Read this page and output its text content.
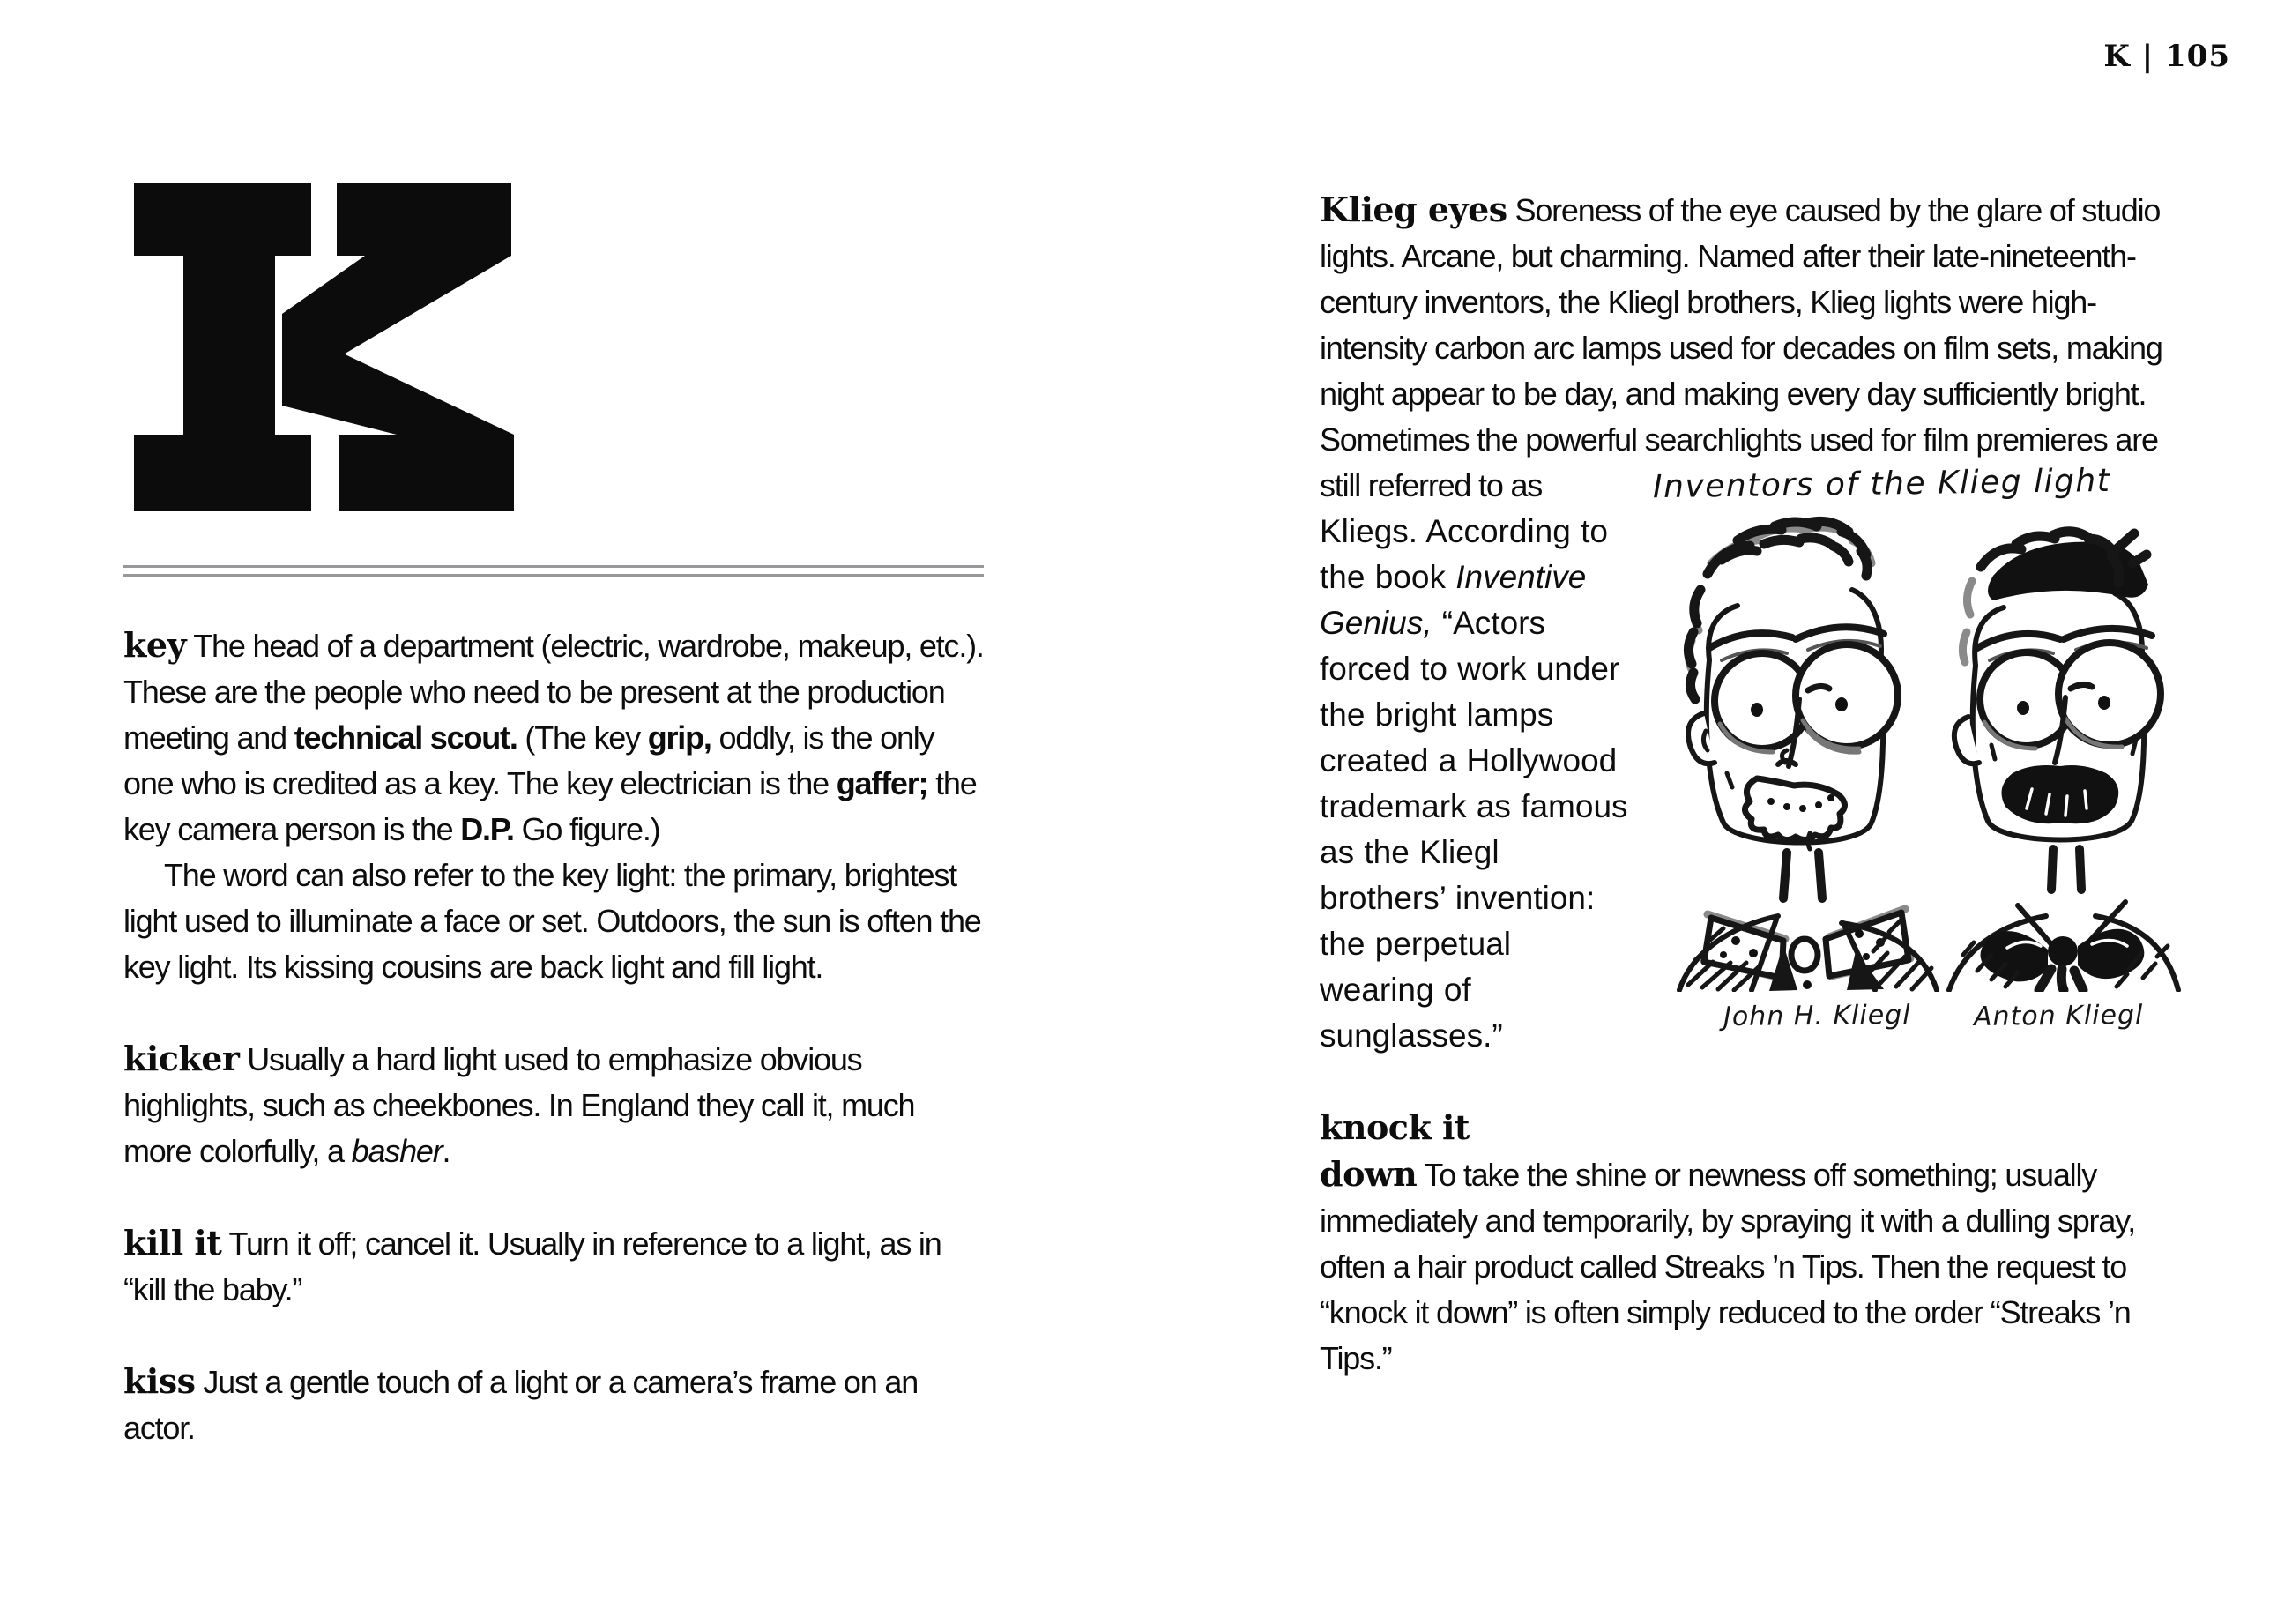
K | 105

key The head of a department (electric, wardrobe, makeup, etc.). These are the people who need to be present at the production meeting and technical scout. (The key grip, oddly, is the only one who is credited as a key. The key electrician is the gaffer; the key camera person is the D.P. Go figure.)

The word can also refer to the key light: the primary, brightest light used to illuminate a face or set. Outdoors, the sun is often the key light. Its kissing cousins are back light and fill light.

kicker Usually a hard light used to emphasize obvious highlights, such as cheekbones. In England they call it, much more colorfully, a basher.

kill it Turn it off; cancel it. Usually in reference to a light, as in “kill the baby.”

kiss Just a gentle touch of a light or a camera’s frame on an actor.

Klieg eyes Soreness of the eye caused by the glare of studio lights. Arcane, but charming. Named after their late-nineteenth-century inventors, the Kliegl brothers, Klieg lights were high-intensity carbon arc lamps used for decades on film sets, making night appear to be day, and making every day sufficiently bright. Sometimes the powerful searchlights used for film premieres are
Inventors of the Klieg light
John H. Kliegl Anton Kliegl
still referred to as Kliegs. According to the book Inventive Genius, “Actors forced to work under the bright lamps created a Hollywood trademark as famous as the Kliegl brothers’ invention: the perpetual wearing of sunglasses.”

knock it
down To take the shine or newness off something; usually immediately and temporarily, by spraying it with a dulling spray, often a hair product called Streaks ’n Tips. Then the request to “knock it down” is often simply reduced to the order “Streaks ’n Tips.”
